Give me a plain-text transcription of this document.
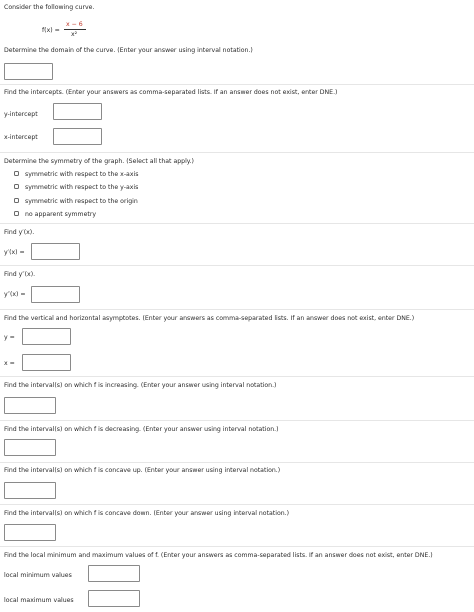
Consider the following curve.
f(x) =
x − 6
x²
Determine the domain of the curve. (Enter your answer using interval notation.)
Find the intercepts. (Enter your answers as comma-separated lists. If an answer does not exist, enter DNE.)
y-intercept
x-intercept
Determine the symmetry of the graph. (Select all that apply.)
symmetric with respect to the x-axis
symmetric with respect to the y-axis
symmetric with respect to the origin
no apparent symmetry
Find y′(x).
y′(x) =
Find y″(x).
y″(x) =
Find the vertical and horizontal asymptotes. (Enter your answers as comma-separated lists. If an answer does not exist, enter DNE.)
y =
x =
Find the interval(s) on which f is increasing. (Enter your answer using interval notation.)
Find the interval(s) on which f is decreasing. (Enter your answer using interval notation.)
Find the interval(s) on which f is concave up. (Enter your answer using interval notation.)
Find the interval(s) on which f is concave down. (Enter your answer using interval notation.)
Find the local minimum and maximum values of f. (Enter your answers as comma-separated lists. If an answer does not exist, enter DNE.)
local minimum values
local maximum values
